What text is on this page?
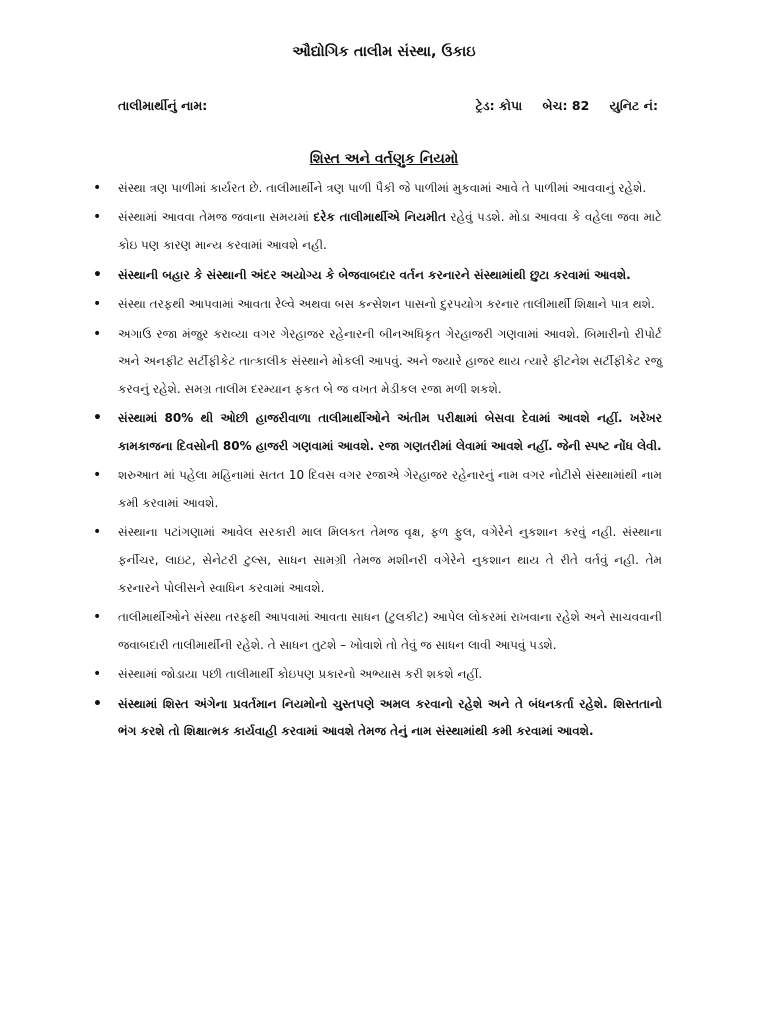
ઔદ્યોગિક તાલીમ સંસ્થા, ઉકાઇ
તાલીમાર્થીનું નામ:	ટ્રેડ: કોપા બેચ: 82 યુનિટ નં:
શિસ્ત અને વર્તણુક નિયમો
• સંસ્થા ત્રણ પાળીમાં કાર્યરત છે. તાલીમાર્થીને ત્રણ પાળી પૈકી જે પાળીમાં મુકવામાં આવે તે પાળીમાં આવવાનું રહેશે.
• સંસ્થામાં આવવા તેમજ જવાના સમયમાં દરેક તાલીમાર્થીએ નિયમીત રહેવું પડશે. મોડા આવવા કે વહેલા જવા માટે કોઇ પણ કારણ માન્ય કરવામાં આવશે નહી.
• સંસ્થાની બહાર કે સંસ્થાની અંદર અયોગ્ય કે બેજવાબદાર વર્તન કરનારને સંસ્થામાંથી છુટા કરવામાં આવશે.
• સંસ્થા તરફથી આપવામાં આવતા રેલ્વે અથવા બસ કન્સેશન પાસનો દુરપયોગ કરનાર તાલીમાર્થી શિક્ષાને પાત્ર થશે.
• અગાઉ રજા મંજુર કરાવ્યા વગર ગેરહાજર રહેનારની બીનઅધિકૃત ગેરહાજરી ગણવામાં આવશે. બિમારીનો રીપોર્ટ અને અનફીટ સર્ટીફીકેટ તાત્કાલીક સંસ્થાને મોકલી આપવું. અને જ્યારે હાજર થાય ત્યારે ફીટનેશ સર્ટીફીકેટ રજુ કરવનું રહેશે. સમગ્ર તાલીમ દરમ્યાન ફકત બે જ વખત મેડીકલ રજા મળી શકશે.
• સંસ્થામાં 80% થી ઓછી હાજરીવાળા તાલીમાર્થીઓને અંતીમ પરીક્ષામાં બેસવા દેવામાં આવશે નહીં. ખરેખર કામકાજના દિવસોની 80% હાજરી ગણવામાં આવશે. રજા ગણતરીમાં લેવામાં આવશે નહીં. જેની સ્પષ્ટ નોંધ લેવી.
• શરુઆત માં પહેલા મહિનામાં સતત 10 દિવસ વગર રજાએ ગેરહાજર રહેનારનું નામ વગર નોટીસે સંસ્થામાંથી નામ કમી કરવામાં આવશે.
• સંસ્થાના પટાંગણામાં આવેલ સરકારી માલ મિલકત તેમજ વૃક્ષ, ફળ ફુલ, વગેરેને નુકશાન કરવું નહી. સંસ્થાના ફર્નીચર, લાઇટ, સેનેટરી ટુલ્સ, સાધન સામગ્રી તેમજ મશીનરી વગેરેને નુકશાન થાય તે રીતે વર્તવું નહી. તેમ કરનારને પોલીસને સ્વાધિન કરવામાં આવશે.
• તાલીમાર્થીઓને સંસ્થા તરફથી આપવામાં આવતા સાધન (ટુલકીટ) આપેલ લોકરમાં રાખવાના રહેશે અને સાચવવાની જવાબદારી તાલીમાર્થીની રહેશે. તે સાધન તુટશે – ખોવાશે તો તેવું જ સાધન લાવી આપવું પડશે.
• સંસ્થામાં જોડાયા પછી તાલીમાર્થી કોઇપણ પ્રકારનો અભ્યાસ કરી શકશે નહીં.
• સંસ્થામાં શિસ્ત અંગેના પ્રવર્તમાન નિયમોનો ચુસ્તપણે અમલ કરવાનો રહેશે અને તે બંધનકર્તા રહેશે. શિસ્તતાનો ભંગ કરશે તો શિક્ષાત્મક કાર્યવાહી કરવામાં આવશે તેમજ તેનું નામ સંસ્થામાંથી કમી કરવામાં આવશે.
